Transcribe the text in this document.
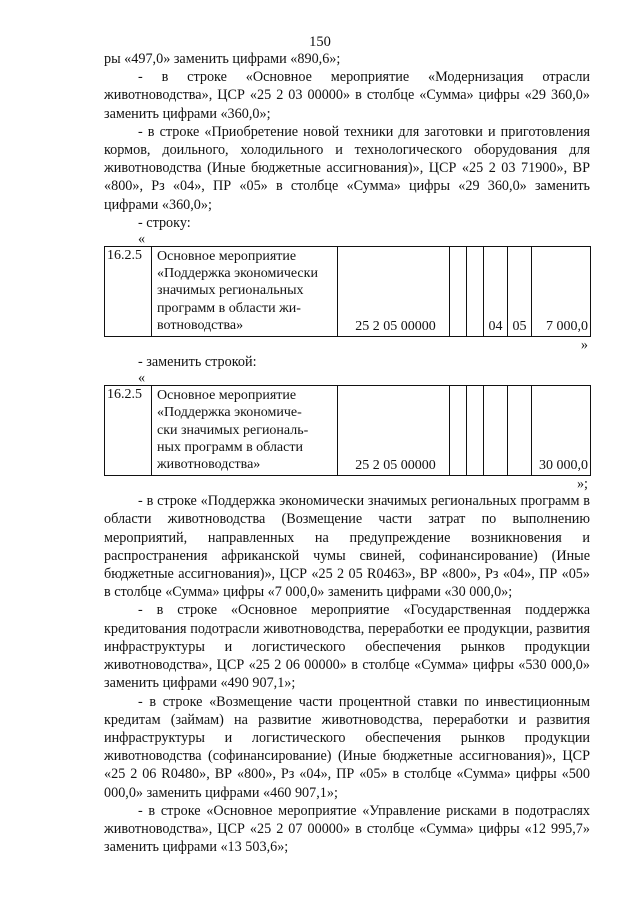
150

ры «497,0» заменить цифрами «890,6»;

- в строке «Основное мероприятие «Модернизация отрасли животноводства», ЦСР «25 2 03 00000» в столбце «Сумма» цифры «29 360,0» заменить цифрами «360,0»;

- в строке «Приобретение новой техники для заготовки и приготовления кормов, доильного, холодильного и технологического оборудования для животноводства (Иные бюджетные ассигнования)», ЦСР «25 2 03 71900», ВР «800», Рз «04», ПР «05» в столбце «Сумма» цифры «29 360,0» заменить цифрами «360,0»;

- строку:

«

16.2.5	Основное мероприятие
«Поддержка экономически
значимых региональных
программ в области жи-
вотноводства»	25 2 05 00000			04	05	7 000,0

»

- заменить строкой:

«

16.2.5	Основное мероприятие
«Поддержка экономиче-
ски значимых региональ-
ных программ в области
животноводства»	25 2 05 00000					30 000,0

»;

- в строке «Поддержка экономически значимых региональных программ в области животноводства (Возмещение части затрат по выполнению мероприятий, направленных на предупреждение возникновения и распространения африканской чумы свиней, софинансирование) (Иные бюджетные ассигнования)», ЦСР «25 2 05 R0463», ВР «800», Рз «04», ПР «05» в столбце «Сумма» цифры «7 000,0» заменить цифрами «30 000,0»;

- в строке «Основное мероприятие «Государственная поддержка кредитования подотрасли животноводства, переработки ее продукции, развития инфраструктуры и логистического обеспечения рынков продукции животноводства», ЦСР «25 2 06 00000» в столбце «Сумма» цифры «530 000,0» заменить цифрами «490 907,1»;

- в строке «Возмещение части процентной ставки по инвестиционным кредитам (займам) на развитие животноводства, переработки и развития инфраструктуры и логистического обеспечения рынков продукции животноводства (софинансирование) (Иные бюджетные ассигнования)», ЦСР «25 2 06 R0480», ВР «800», Рз «04», ПР «05» в столбце «Сумма» цифры «500 000,0» заменить цифрами «460 907,1»;

- в строке «Основное мероприятие «Управление рисками в подотраслях животноводства», ЦСР «25 2 07 00000» в столбце «Сумма» цифры «12 995,7» заменить цифрами «13 503,6»;
